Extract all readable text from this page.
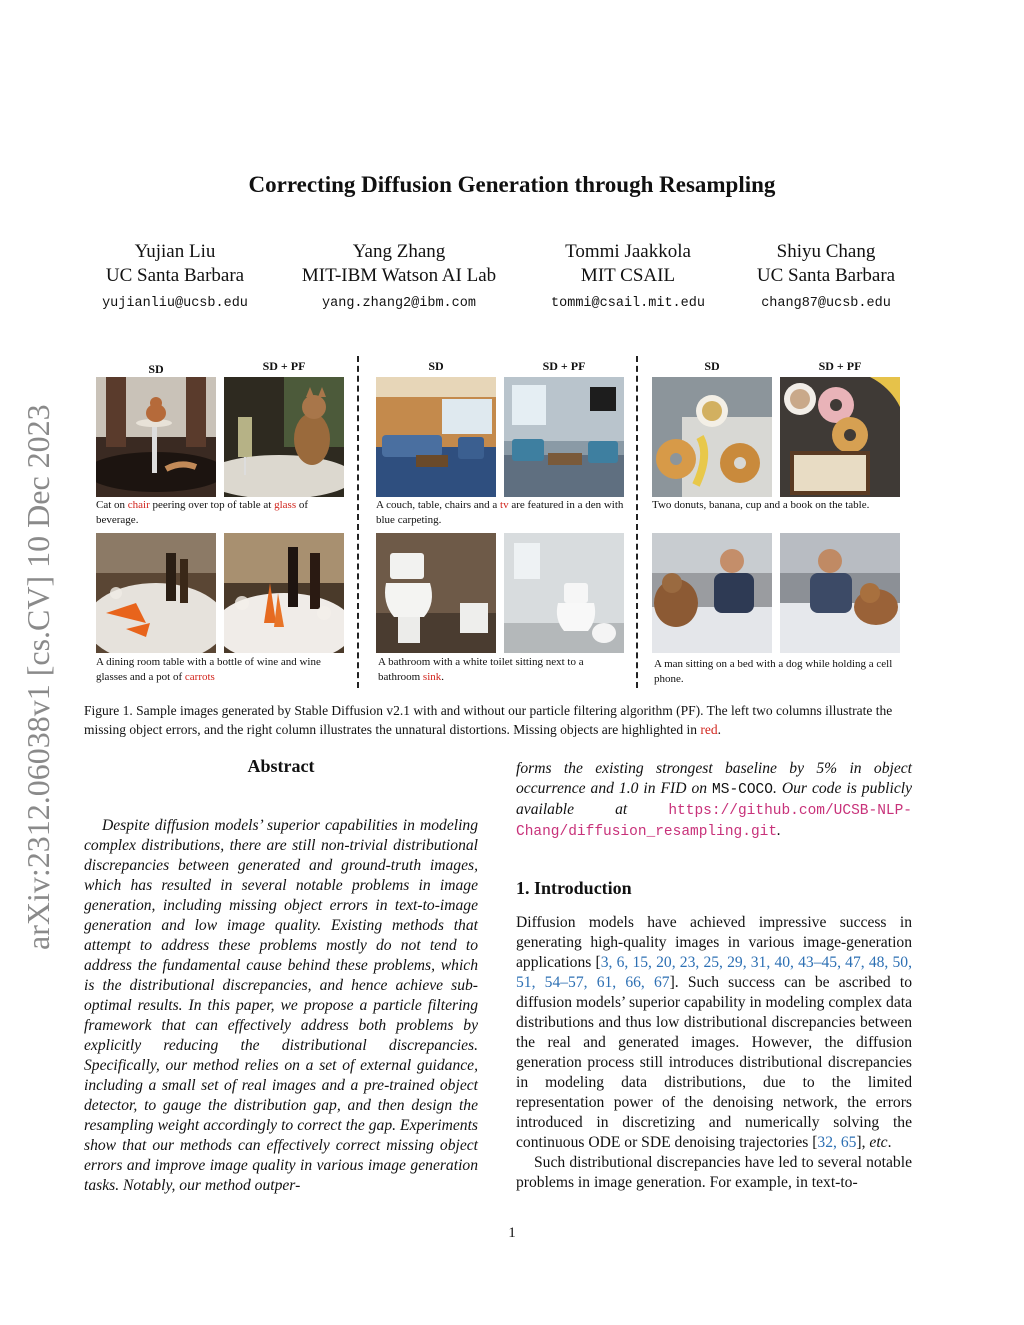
Correcting Diffusion Generation through Resampling
Yujian Liu
UC Santa Barbara
yujianliu@ucsb.edu
Yang Zhang
MIT-IBM Watson AI Lab
yang.zhang2@ibm.com
Tommi Jaakkola
MIT CSAIL
tommi@csail.mit.edu
Shiyu Chang
UC Santa Barbara
chang87@ucsb.edu
arXiv:2312.06038v1 [cs.CV] 10 Dec 2023
SD	SD + PF	SD	SD + PF	SD	SD + PF
Cat on chair peering over top of table at glass of beverage.
A couch, table, chairs and a tv are featured in a den with blue carpeting.
Two donuts, banana, cup and a book on the table.
A dining room table with a bottle of wine and wine glasses and a pot of carrots
A bathroom with a white toilet sitting next to a bathroom sink.
A man sitting on a bed with a dog while holding a cell phone.
Figure 1. Sample images generated by Stable Diffusion v2.1 with and without our particle filtering algorithm (PF). The left two columns illustrate the missing object errors, and the right column illustrates the unnatural distortions. Missing objects are highlighted in red.
Abstract
Despite diffusion models’ superior capabilities in modeling complex distributions, there are still non-trivial distributional discrepancies between generated and ground-truth images, which has resulted in several notable problems in image generation, including missing object errors in text-to-image generation and low image quality. Existing methods that attempt to address these problems mostly do not tend to address the fundamental cause behind these problems, which is the distributional discrepancies, and hence achieve sub-optimal results. In this paper, we propose a particle filtering framework that can effectively address both problems by explicitly reducing the distributional discrepancies. Specifically, our method relies on a set of external guidance, including a small set of real images and a pre-trained object detector, to gauge the distribution gap, and then design the resampling weight accordingly to correct the gap. Experiments show that our methods can effectively correct missing object errors and improve image quality in various image generation tasks. Notably, our method outper-
forms the existing strongest baseline by 5% in object occurrence and 1.0 in FID on MS-COCO. Our code is publicly available at https://github.com/UCSB-NLP-Chang/diffusion_resampling.git.
1. Introduction

Diffusion models have achieved impressive success in generating high-quality images in various image-generation applications [3, 6, 15, 20, 23, 25, 29, 31, 40, 43–45, 47, 48, 50, 51, 54–57, 61, 66, 67]. Such success can be ascribed to diffusion models’ superior capability in modeling complex data distributions and thus low distributional discrepancies between the real and generated images. However, the diffusion generation process still introduces distributional discrepancies in modeling data distributions, due to the limited representation power of the denoising network, the errors introduced in discretizing and numerically solving the continuous ODE or SDE denoising trajectories [32, 65], etc.

Such distributional discrepancies have led to several notable problems in image generation. For example, in text-to-

1
